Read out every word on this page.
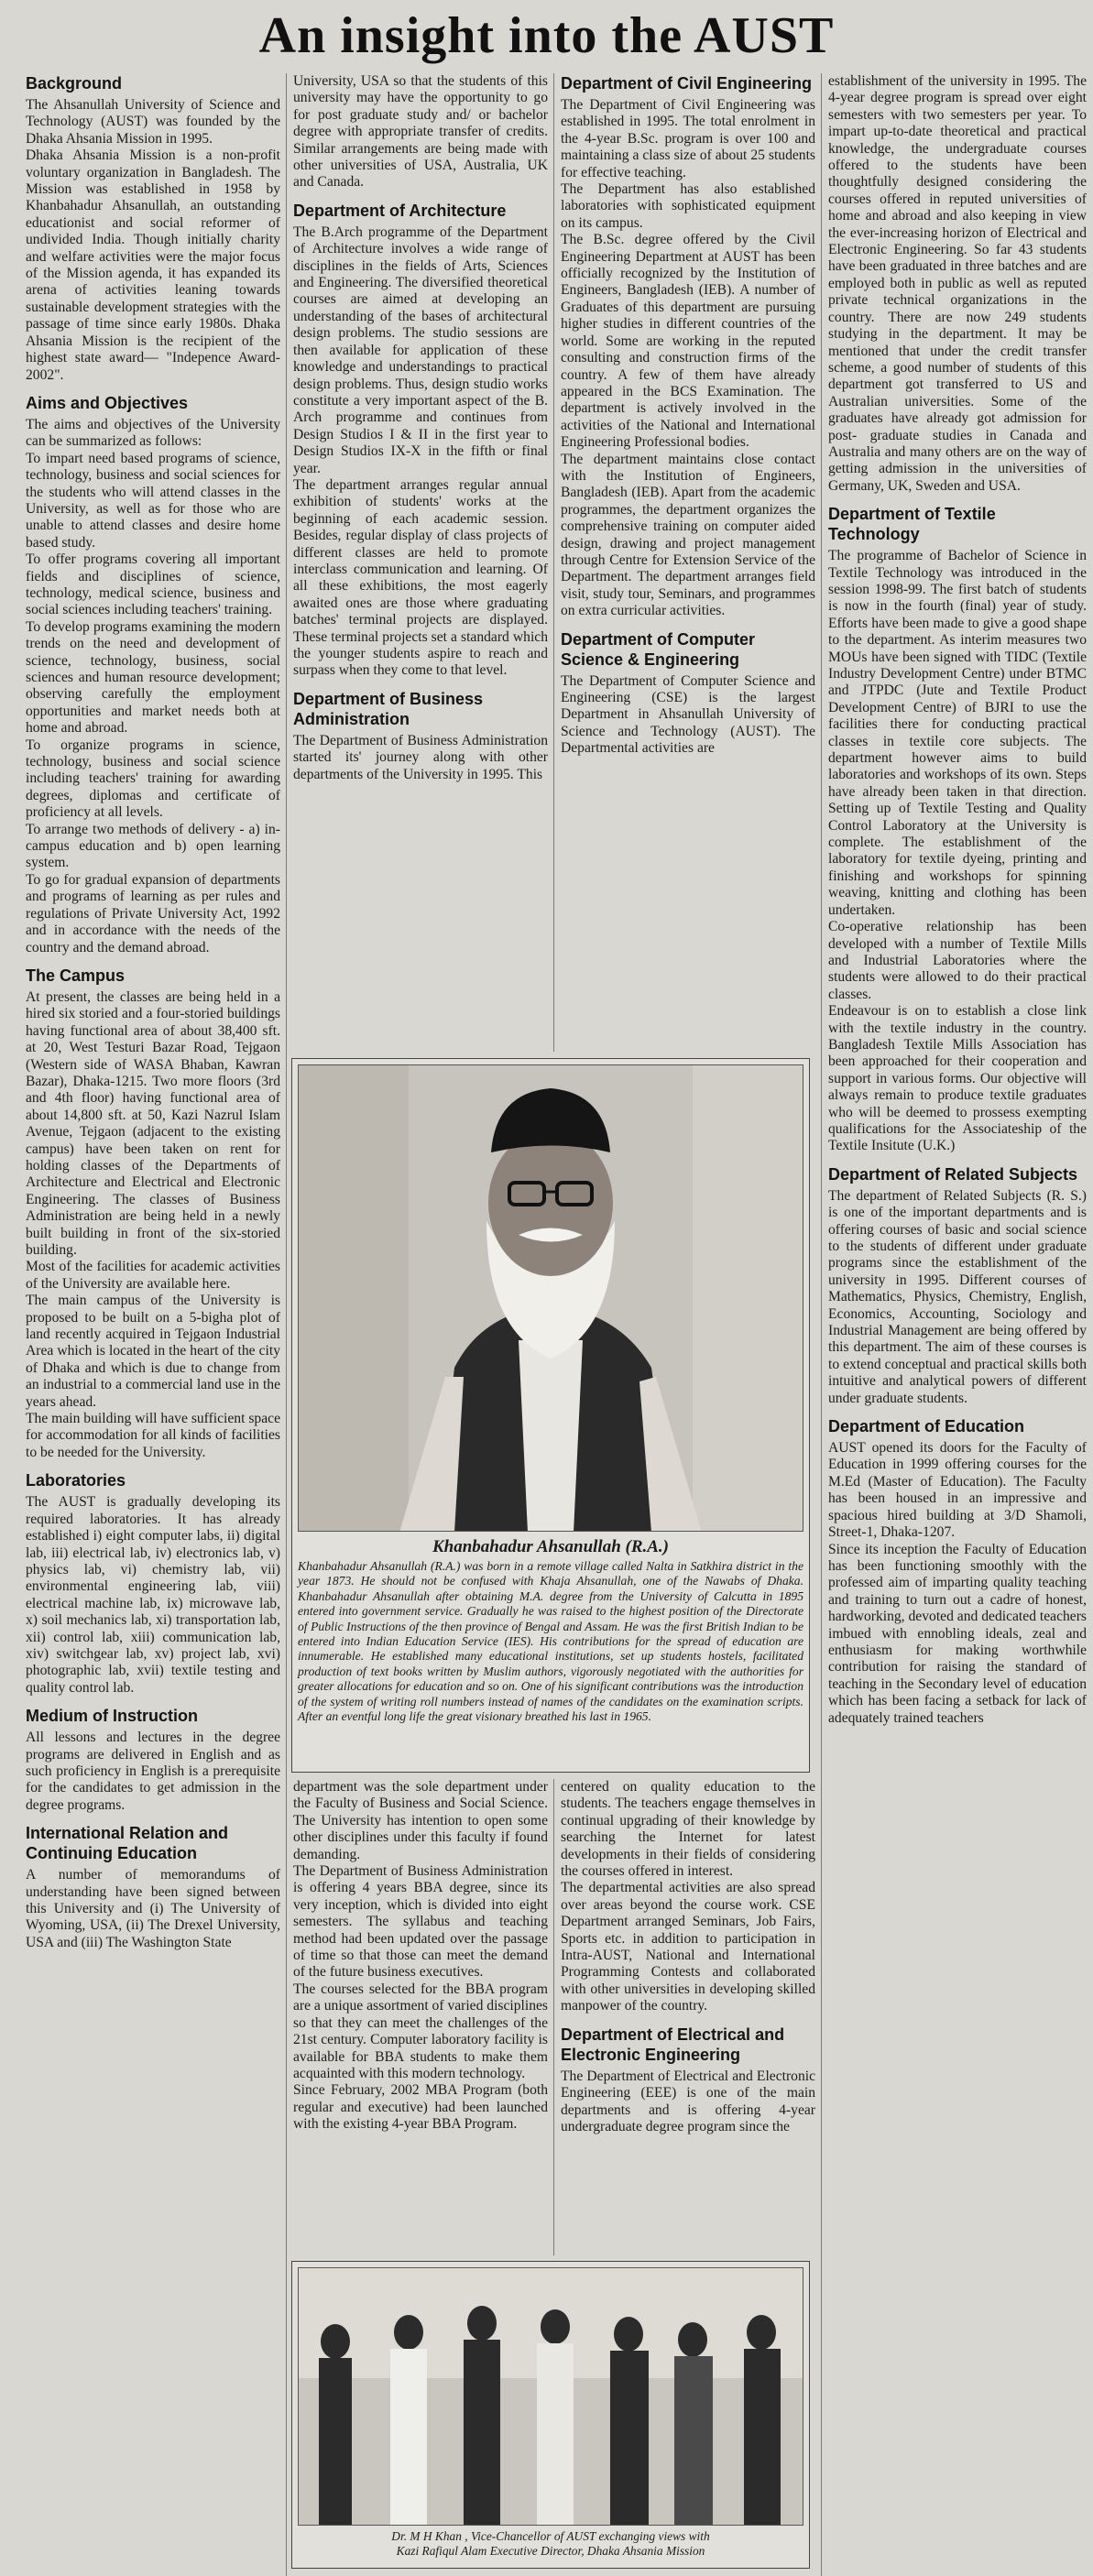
An insight into the AUST
Background

The Ahsanullah University of Science and Technology (AUST) was founded by the Dhaka Ahsania Mission in 1995.

Dhaka Ahsania Mission is a non-profit voluntary organization in Bangladesh. The Mission was established in 1958 by Khanbahadur Ahsanullah, an outstanding educationist and social reformer of undivided India. Though initially charity and welfare activities were the major focus of the Mission agenda, it has expanded its arena of activities leaning towards sustainable development strategies with the passage of time since early 1980s. Dhaka Ahsania Mission is the recipient of the highest state award— "Indepence Award-2002".

Aims and Objectives

The aims and objectives of the University can be summarized as follows:

To impart need based programs of science, technology, business and social sciences for the students who will attend classes in the University, as well as for those who are unable to attend classes and desire home based study.

To offer programs covering all important fields and disciplines of science, technology, medical science, business and social sciences including teachers' training.

To develop programs examining the modern trends on the need and development of science, technology, business, social sciences and human resource development; observing carefully the employment opportunities and market needs both at home and abroad.

To organize programs in science, technology, business and social science including teachers' training for awarding degrees, diplomas and certificate of proficiency at all levels.

To arrange two methods of delivery - a) in-campus education and b) open learning system.

To go for gradual expansion of departments and programs of learning as per rules and regulations of Private University Act, 1992 and in accordance with the needs of the country and the demand abroad.

The Campus

At present, the classes are being held in a hired six storied and a four-storied buildings having functional area of about 38,400 sft. at 20, West Testuri Bazar Road, Tejgaon (Western side of WASA Bhaban, Kawran Bazar), Dhaka-1215. Two more floors (3rd and 4th floor) having functional area of about 14,800 sft. at 50, Kazi Nazrul Islam Avenue, Tejgaon (adjacent to the existing campus) have been taken on rent for holding classes of the Departments of Architecture and Electrical and Electronic Engineering. The classes of Business Administration are being held in a newly built building in front of the six-storied building.

Most of the facilities for academic activities of the University are available here.

The main campus of the University is proposed to be built on a 5-bigha plot of land recently acquired in Tejgaon Industrial Area which is located in the heart of the city of Dhaka and which is due to change from an industrial to a commercial land use in the years ahead.

The main building will have sufficient space for accommodation for all kinds of facilities to be needed for the University.

Laboratories

The AUST is gradually developing its required laboratories. It has already established i) eight computer labs, ii) digital lab, iii) electrical lab, iv) electronics lab, v) physics lab, vi) chemistry lab, vii) environmental engineering lab, viii) electrical machine lab, ix) microwave lab, x) soil mechanics lab, xi) transportation lab, xii) control lab, xiii) communication lab, xiv) switchgear lab, xv) project lab, xvi) photographic lab, xvii) textile testing and quality control lab.

Medium of Instruction

All lessons and lectures in the degree programs are delivered in English and as such proficiency in English is a prerequisite for the candidates to get admission in the degree programs.

International Relation and Continuing Education

A number of memorandums of understanding have been signed between this University and (i) The University of Wyoming, USA, (ii) The Drexel University, USA and (iii) The Washington State

University, USA so that the students of this university may have the opportunity to go for post graduate study and/ or bachelor degree with appropriate transfer of credits. Similar arrangements are being made with other universities of USA, Australia, UK and Canada.

Department of Architecture

The B.Arch programme of the Department of Architecture involves a wide range of disciplines in the fields of Arts, Sciences and Engineering. The diversified theoretical courses are aimed at developing an understanding of the bases of architectural design problems. The studio sessions are then available for application of these knowledge and understandings to practical design problems. Thus, design studio works constitute a very important aspect of the B. Arch programme and continues from Design Studios I & II in the first year to Design Studios IX-X in the fifth or final year.

The department arranges regular annual exhibition of students' works at the beginning of each academic session. Besides, regular display of class projects of different classes are held to promote interclass communication and learning. Of all these exhibitions, the most eagerly awaited ones are those where graduating batches' terminal projects are displayed. These terminal projects set a standard which the younger students aspire to reach and surpass when they come to that level.

Department of Business Administration

The Department of Business Administration started its' journey along with other departments of the University in 1995. This

Department of Civil Engineering

The Department of Civil Engineering was established in 1995. The total enrolment in the 4-year B.Sc. program is over 100 and maintaining a class size of about 25 students for effective teaching.

The Department has also established laboratories with sophisticated equipment on its campus.

The B.Sc. degree offered by the Civil Engineering Department at AUST has been officially recognized by the Institution of Engineers, Bangladesh (IEB). A number of Graduates of this department are pursuing higher studies in different countries of the world. Some are working in the reputed consulting and construction firms of the country. A few of them have already appeared in the BCS Examination. The department is actively involved in the activities of the National and International Engineering Professional bodies.

The department maintains close contact with the Institution of Engineers, Bangladesh (IEB). Apart from the academic programmes, the department organizes the comprehensive training on computer aided design, drawing and project management through Centre for Extension Service of the Department. The department arranges field visit, study tour, Seminars, and programmes on extra curricular activities.

Department of Computer Science & Engineering

The Department of Computer Science and Engineering (CSE) is the largest Department in Ahsanullah University of Science and Technology (AUST). The Departmental activities are

establishment of the university in 1995. The 4-year degree program is spread over eight semesters with two semesters per year. To impart up-to-date theoretical and practical knowledge, the undergraduate courses offered to the students have been thoughtfully designed considering the courses offered in reputed universities of home and abroad and also keeping in view the ever-increasing horizon of Electrical and Electronic Engineering. So far 43 students have been graduated in three batches and are employed both in public as well as reputed private technical organizations in the country. There are now 249 students studying in the department. It may be mentioned that under the credit transfer scheme, a good number of students of this department got transferred to US and Australian universities. Some of the graduates have already got admission for post- graduate studies in Canada and Australia and many others are on the way of getting admission in the universities of Germany, UK, Sweden and USA.

Department of Textile Technology

The programme of Bachelor of Science in Textile Technology was introduced in the session 1998-99. The first batch of students is now in the fourth (final) year of study. Efforts have been made to give a good shape to the department. As interim measures two MOUs have been signed with TIDC (Textile Industry Development Centre) under BTMC and JTPDC (Jute and Textile Product Development Centre) of BJRI to use the facilities there for conducting practical classes in textile core subjects. The department however aims to build laboratories and workshops of its own. Steps have already been taken in that direction. Setting up of Textile Testing and Quality Control Laboratory at the University is complete. The establishment of the laboratory for textile dyeing, printing and finishing and workshops for spinning weaving, knitting and clothing has been undertaken.

Co-operative relationship has been developed with a number of Textile Mills and Industrial Laboratories where the students were allowed to do their practical classes.

Endeavour is on to establish a close link with the textile industry in the country. Bangladesh Textile Mills Association has been approached for their cooperation and support in various forms. Our objective will always remain to produce textile graduates who will be deemed to prossess exempting qualifications for the Associateship of the Textile Insitute (U.K.)

Department of Related Subjects

The department of Related Subjects (R. S.) is one of the important departments and is offering courses of basic and social science to the students of different under graduate programs since the establishment of the university in 1995. Different courses of Mathematics, Physics, Chemistry, English, Economics, Accounting, Sociology and Industrial Management are being offered by this department. The aim of these courses is to extend conceptual and practical skills both intuitive and analytical powers of different under graduate students.

Department of Education

AUST opened its doors for the Faculty of Education in 1999 offering courses for the M.Ed (Master of Education). The Faculty has been housed in an impressive and spacious hired building at 3/D Shamoli, Street-1, Dhaka-1207.

Since its inception the Faculty of Education has been functioning smoothly with the professed aim of imparting quality teaching and training to turn out a cadre of honest, hardworking, devoted and dedicated teachers imbued with ennobling ideals, zeal and enthusiasm for making worthwhile contribution for raising the standard of teaching in the Secondary level of education which has been facing a setback for lack of adequately trained teachers

Khanbahadur Ahsanullah (R.A.)
Khanbahadur Ahsanullah (R.A.) was born in a remote village called Nalta in Satkhira district in the year 1873. He should not be confused with Khaja Ahsanullah, one of the Nawabs of Dhaka. Khanbahadur Ahsanullah after obtaining M.A. degree from the University of Calcutta in 1895 entered into government service. Gradually he was raised to the highest position of the Directorate of Public Instructions of the then province of Bengal and Assam. He was the first British Indian to be entered into Indian Education Service (IES). His contributions for the spread of education are innumerable. He established many educational institutions, set up students hostels, facilitated production of text books written by Muslim authors, vigorously negotiated with the authorities for greater allocations for education and so on. One of his significant contributions was the introduction of the system of writing roll numbers instead of names of the candidates on the examination scripts. After an eventful long life the great visionary breathed his last in 1965.

department was the sole department under the Faculty of Business and Social Science. The University has intention to open some other disciplines under this faculty if found demanding.

The Department of Business Administration is offering 4 years BBA degree, since its very inception, which is divided into eight semesters. The syllabus and teaching method had been updated over the passage of time so that those can meet the demand of the future business executives.

The courses selected for the BBA program are a unique assortment of varied disciplines so that they can meet the challenges of the 21st century. Computer laboratory facility is available for BBA students to make them acquainted with this modern technology.

Since February, 2002 MBA Program (both regular and executive) had been launched with the existing 4-year BBA Program.

centered on quality education to the students. The teachers engage themselves in continual upgrading of their knowledge by searching the Internet for latest developments in their fields of considering the courses offered in interest.

The departmental activities are also spread over areas beyond the course work. CSE Department arranged Seminars, Job Fairs, Sports etc. in addition to participation in Intra-AUST, National and International Programming Contests and collaborated with other universities in developing skilled manpower of the country.

Department of Electrical and Electronic Engineering

The Department of Electrical and Electronic Engineering (EEE) is one of the main departments and is offering 4-year undergraduate degree program since the

Dr. M H Khan , Vice-Chancellor of AUST exchanging views with
Kazi Rafiqul Alam Executive Director, Dhaka Ahsania Mission
